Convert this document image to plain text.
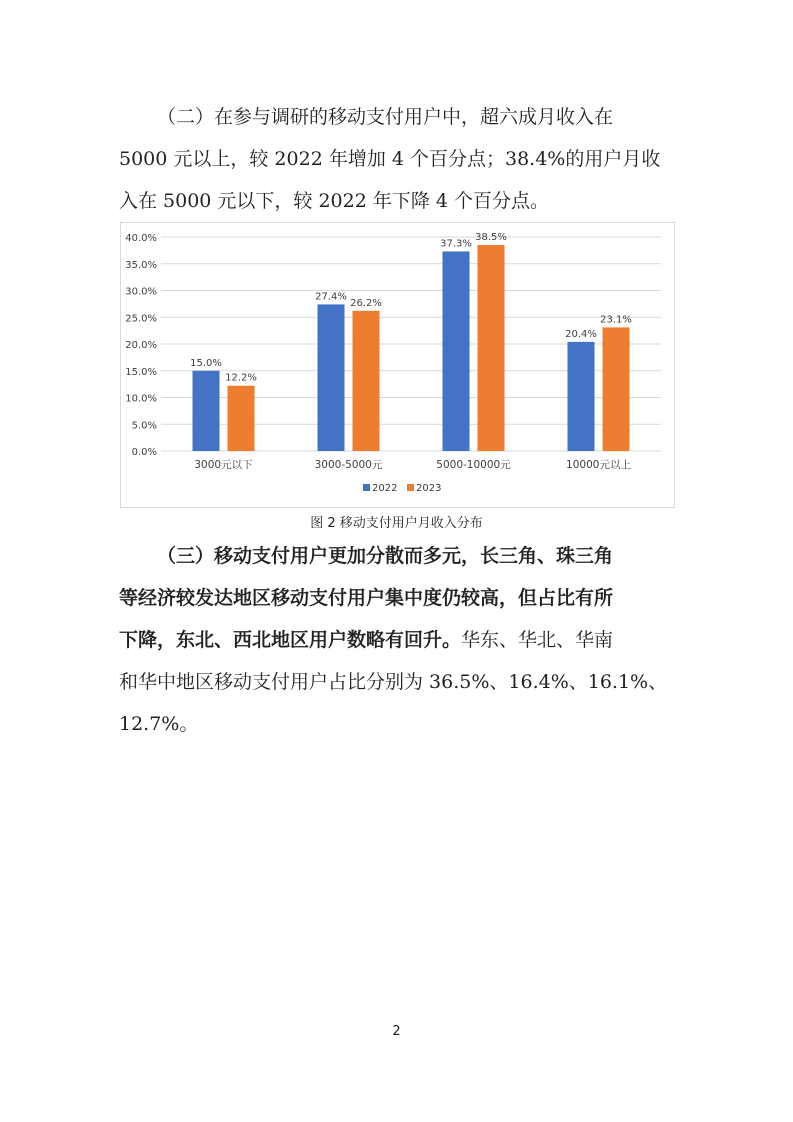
（二）在参与调研的移动支付用户中，超六成月收入在
5000 元以上，较 2022 年增加 4 个百分点；38.4%的用户月收
入在 5000 元以下，较 2022 年下降 4 个百分点。

0.0%
5.0%
10.0%
15.0%
20.0%
25.0%
30.0%
35.0%
40.0%
15.0%
12.2%
3000元以下
27.4%
26.2%
3000-5000元
37.3%
38.5%
5000-10000元
20.4%
23.1%
10000元以上
2022 2023
图 2 移动支付用户月收入分布

（三）移动支付用户更加分散而多元，长三角、珠三角
等经济较发达地区移动支付用户集中度仍较高，但占比有所
下降，东北、西北地区用户数略有回升。华东、华北、华南
和华中地区移动支付用户占比分别为 36.5%、16.4%、16.1%、
12.7%。

2
